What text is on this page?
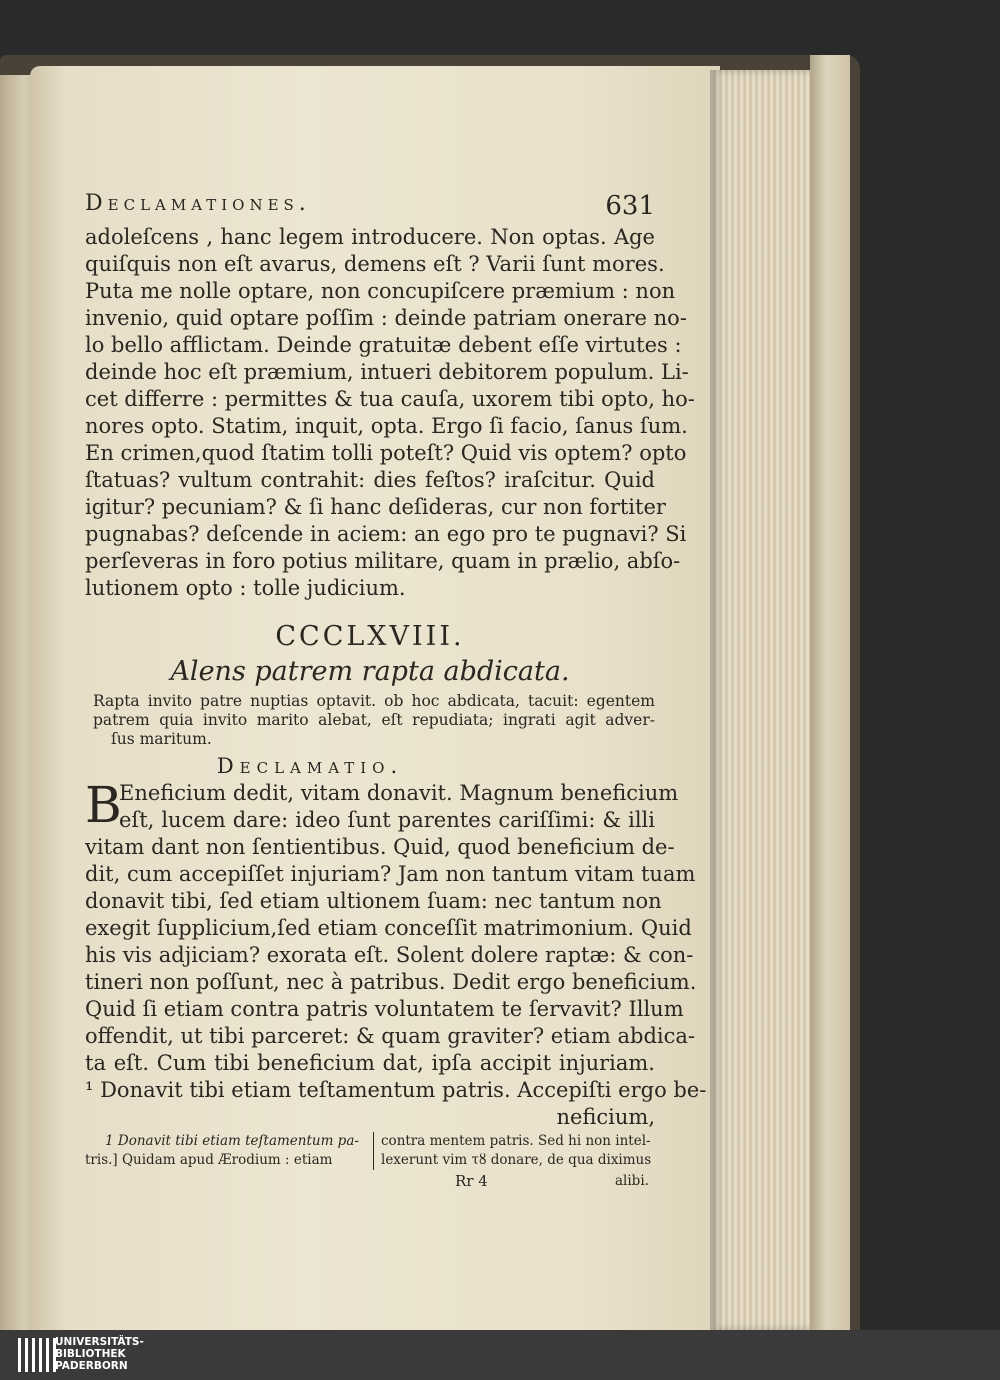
Declamationes.	631
adoleſcens , hanc legem introducere. Non optas. Age
quiſquis non eſt avarus, demens eſt ? Varii ſunt mores.
Puta me nolle optare, non concupiſcere præmium : non
invenio, quid optare poſſim : deinde patriam onerare no-
lo bello afflictam. Deinde gratuitæ debent eſſe virtutes :
deinde hoc eſt præmium, intueri debitorem populum. Li-
cet differre : permittes & tua cauſa, uxorem tibi opto, ho-
nores opto. Statim, inquit, opta. Ergo ſi facio, ſanus ſum.
En crimen,quod ſtatim tolli poteſt? Quid vis optem? opto
ſtatuas? vultum contrahit: dies feſtos? iraſcitur. Quid
igitur? pecuniam? & ſi hanc deſideras, cur non fortiter
pugnabas? deſcende in aciem: an ego pro te pugnavi? Si
perſeveras in foro potius militare, quam in prælio, abſo-
lutionem opto : tolle judicium.
CCCLXVIII.
Alens patrem rapta abdicata.
Rapta invito patre nuptias optavit. ob hoc abdicata, tacuit: egentem
patrem quia invito marito alebat, eſt repudiata; ingrati agit adver-
ſus maritum.
Declamatio.
B
Eneficium dedit, vitam donavit. Magnum beneficium
eſt, lucem dare: ideo ſunt parentes cariſſimi: & illi
vitam dant non ſentientibus. Quid, quod beneficium de-
dit, cum accepiſſet injuriam? Jam non tantum vitam tuam
donavit tibi, ſed etiam ultionem ſuam: nec tantum non
exegit ſupplicium,ſed etiam conceſſit matrimonium. Quid
his vis adjiciam? exorata eſt. Solent dolere raptæ: & con-
tineri non poſſunt, nec à patribus. Dedit ergo beneficium.
Quid ſi etiam contra patris voluntatem te ſervavit? Illum
offendit, ut tibi parceret: & quam graviter? etiam abdica-
ta eſt. Cum tibi beneficium dat, ipſa accipit injuriam.
¹ Donavit tibi etiam teſtamentum patris. Accepiſti ergo be-
neficium,
1 Donavit tibi etiam teſtamentum pa-
tris.] Quidam apud Ærodium : etiam
contra mentem patris. Sed hi non intel-
lexerunt vim τȣ donare, de qua diximus
Rr 4	alibi.
UNIVERSITÄTS-
BIBLIOTHEK
PADERBORN
